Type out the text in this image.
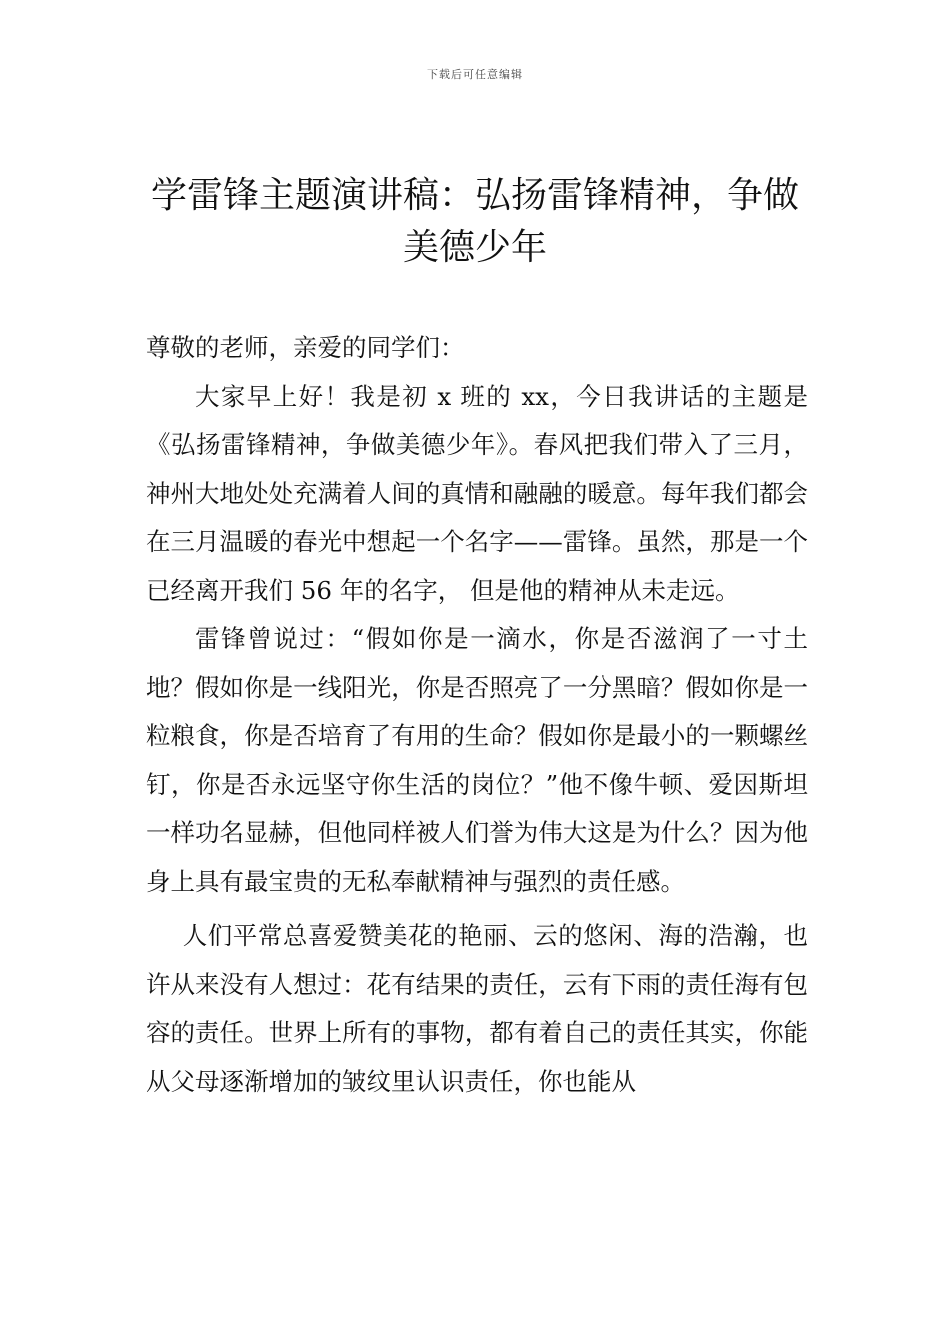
下载后可任意编辑
学雷锋主题演讲稿：弘扬雷锋精神，争做美德少年

尊敬的老师，亲爱的同学们：

大家早上好！我是初 x 班的 xx，今日我讲话的主题是《弘扬雷锋精神，争做美德少年》。春风把我们带入了三月，神州大地处处充满着人间的真情和融融的暖意。每年我们都会在三月温暖的春光中想起一个名字——雷锋。虽然，那是一个已经离开我们 56 年的名字， 但是他的精神从未走远。

雷锋曾说过：“假如你是一滴水，你是否滋润了一寸土地？假如你是一线阳光，你是否照亮了一分黑暗？假如你是一粒粮食，你是否培育了有用的生命？假如你是最小的一颗螺丝钉，你是否永远坚守你生活的岗位？”他不像牛顿、爱因斯坦一样功名显赫，但他同样被人们誉为伟大这是为什么？因为他身上具有最宝贵的无私奉献精神与强烈的责任感。

人们平常总喜爱赞美花的艳丽、云的悠闲、海的浩瀚，也许从来没有人想过：花有结果的责任，云有下雨的责任海有包容的责任。世界上所有的事物，都有着自己的责任其实，你能从父母逐渐增加的皱纹里认识责任，你也能从
